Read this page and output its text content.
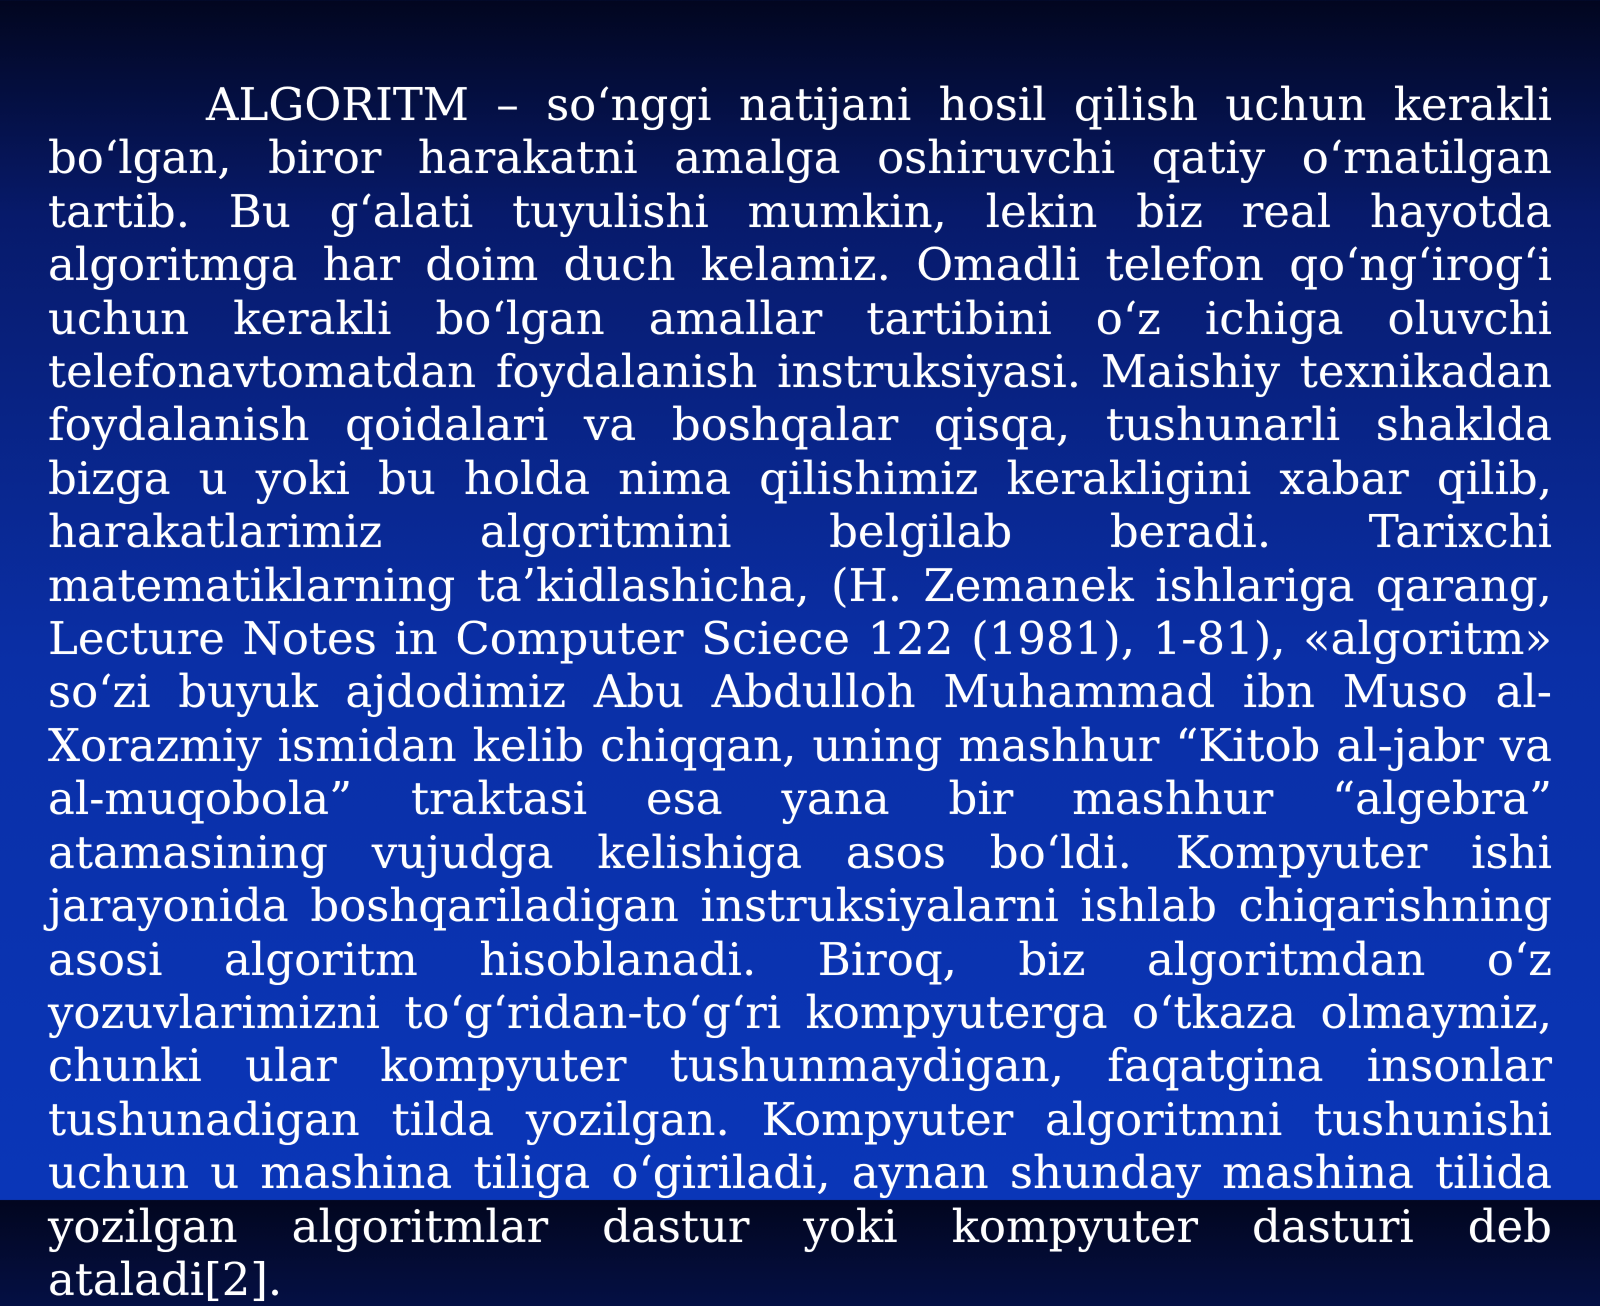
ALGORITM – so‘nggi natijani hosil qilish uchun kerakli bo‘lgan, biror harakatni amalga oshiruvchi qatiy o‘rnatilgan tartib. Bu g‘alati tuyulishi mumkin, lekin biz real hayotda algoritmga har doim duch kelamiz. Omadli telefon qo‘ng‘irog‘i uchun kerakli bo‘lgan amallar tartibini o‘z ichiga oluvchi telefonavtomatdan foydalanish instruksiyasi. Maishiy texnikadan foydalanish qoidalari va boshqalar qisqa, tushunarli shaklda bizga u yoki bu holda nima qilishimiz kerakligini xabar qilib, harakatlarimiz algoritmini belgilab beradi. Tarixchi matematiklarning ta’kidlashicha, (H. Zemanek ishlariga qarang, Lecture Notes in Computer Sciece 122 (1981), 1-81), «algoritm» so‘zi buyuk ajdodimiz Abu Abdulloh Muhammad ibn Muso al-Xorazmiy ismidan kelib chiqqan, uning mashhur “Kitob al-jabr va al-muqobola” traktasi esa yana bir mashhur “algebra” atamasining vujudga kelishiga asos bo‘ldi. Kompyuter ishi jarayonida boshqariladigan instruksiyalarni ishlab chiqarishning asosi algoritm hisoblanadi. Biroq, biz algoritmdan o‘z yozuvlarimizni to‘g‘ridan-to‘g‘ri kompyuterga o‘tkaza olmaymiz, chunki ular kompyuter tushunmaydigan, faqatgina insonlar tushunadigan tilda yozilgan. Kompyuter algoritmni tushunishi uchun u mashina tiliga o‘giriladi, aynan shunday mashina tilida yozilgan algoritmlar dastur yoki kompyuter dasturi deb ataladi[2].
